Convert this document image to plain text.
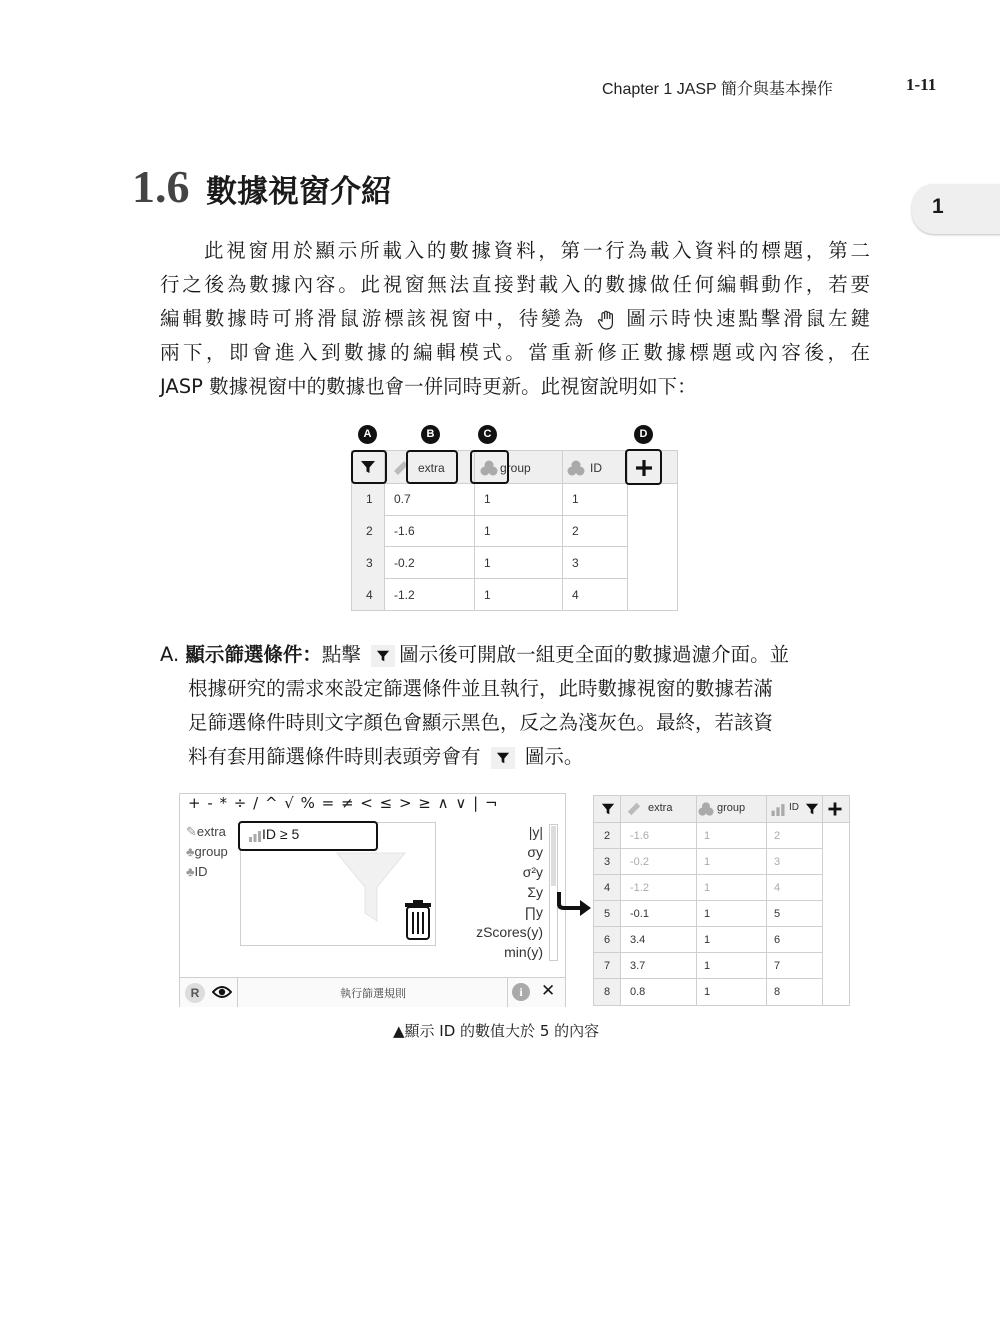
Chapter 1 JASP 簡介與基本操作	1-11
1
1.6 數據視窗介紹

此視窗用於顯示所載入的數據資料，第一行為載入資料的標題，第二

行之後為數據內容。此視窗無法直接對載入的數據做任何編輯動作，若要

編輯數據時可將滑鼠游標該視窗中，待變為 圖示時快速點擊滑鼠左鍵

兩下，即會進入到數據的編輯模式。當重新修正數據標題或內容後，在

JASP 數據視窗中的數據也會一併同時更新。此視窗說明如下：

A	B	C	D
extra	group	ID
1 0.7	1	1
2 -1.6	1	2
3 -0.2	1	3
4 -1.2	1	4

A. 顯示篩選條件：點擊 圖示後可開啟一組更全面的數據過濾介面。並

根據研究的需求來設定篩選條件並且執行，此時數據視窗的數據若滿

足篩選條件時則文字顏色會顯示黑色，反之為淺灰色。最終，若該資

料有套用篩選條件時則表頭旁會有 圖示。

+ - * ÷ / ^ √ % = ≠ < ≤ > ≥ ∧ ∨ | ¬
✎extra
♣group
♣ID
ID ≥ 5	|y|
σy
σ²y
Σy
∏y
zScores(y)
min(y)
R	執行篩選規則	i	✕
extra	group	ID
2 -1.6	1	2
3 -0.2	1	3
4 -1.2	1	4
5 -0.1	1	5
6 3.4	1	6
7 3.7	1	7
8 0.8	1	8
▲顯示 ID 的數值大於 5 的內容
